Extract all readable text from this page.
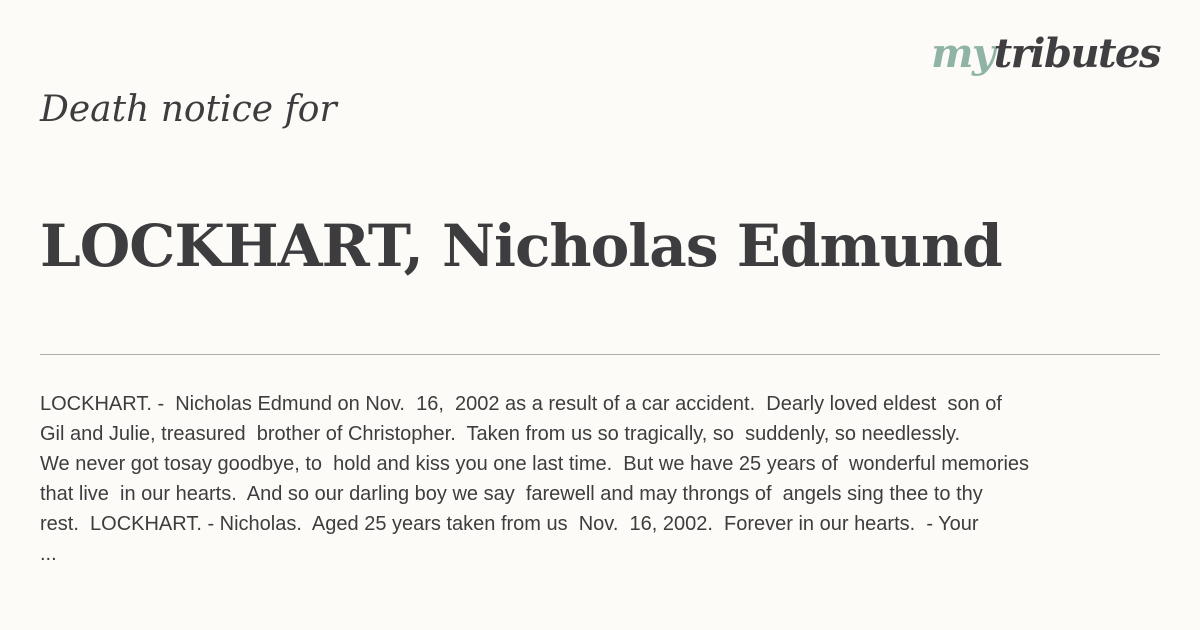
mytributes
Death notice for
LOCKHART, Nicholas Edmund
LOCKHART. -  Nicholas Edmund on Nov.  16,  2002 as a result of a car accident.  Dearly loved eldest  son of
Gil and Julie, treasured  brother of Christopher.  Taken from us so tragically, so  suddenly, so needlessly.
We never got tosay goodbye, to  hold and kiss you one last time.  But we have 25 years of  wonderful memories
that live  in our hearts.  And so our darling boy we say  farewell and may throngs of  angels sing thee to thy
rest.  LOCKHART. - Nicholas.  Aged 25 years taken from us  Nov.  16, 2002.  Forever in our hearts.  - Your
...
